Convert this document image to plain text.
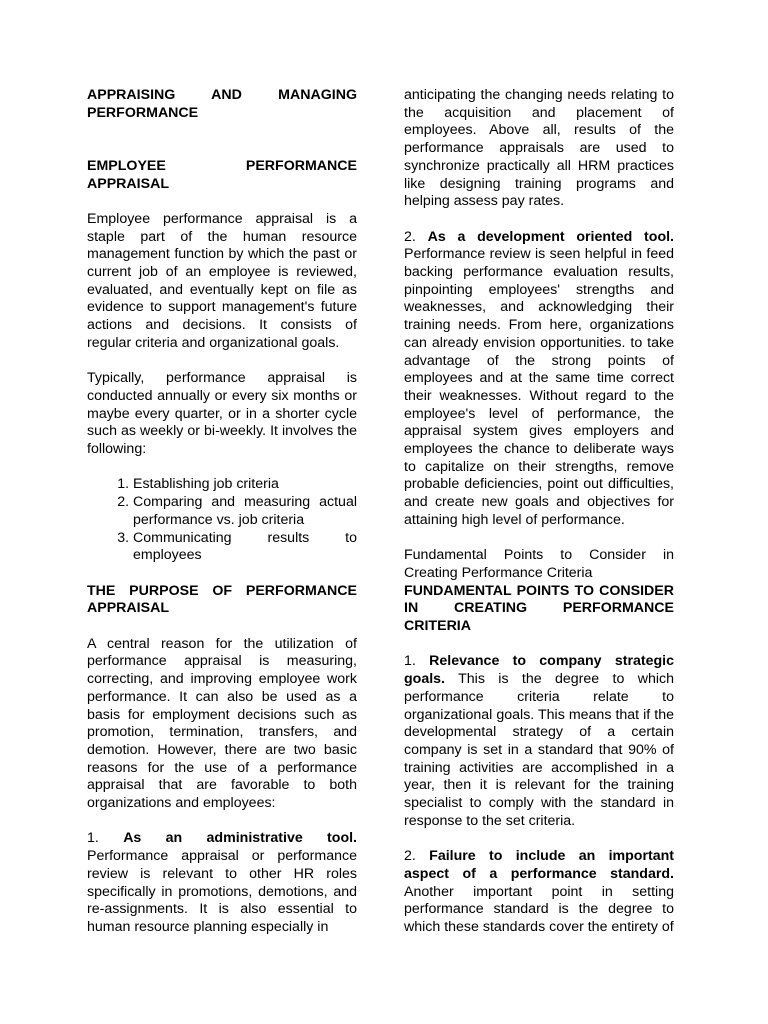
APPRAISING AND MANAGING PERFORMANCE
EMPLOYEE PERFORMANCE APPRAISAL

Employee performance appraisal is a staple part of the human resource management function by which the past or current job of an employee is reviewed, evaluated, and eventually kept on file as evidence to support management's future actions and decisions. It consists of regular criteria and organizational goals.

Typically, performance appraisal is conducted annually or every six months or maybe every quarter, or in a shorter cycle such as weekly or bi-weekly. It involves the following:

1. Establishing job criteria
2. Comparing and measuring actual performance vs. job criteria
3. Communicating results to employees
THE PURPOSE OF PERFORMANCE APPRAISAL

A central reason for the utilization of performance appraisal is measuring, correcting, and improving employee work performance. It can also be used as a basis for employment decisions such as promotion, termination, transfers, and demotion. However, there are two basic reasons for the use of a performance appraisal that are favorable to both organizations and employees:

1. As an administrative tool. Performance appraisal or performance review is relevant to other HR roles specifically in promotions, demotions, and re-assignments. It is also essential to human resource planning especially in

anticipating the changing needs relating to the acquisition and placement of employees. Above all, results of the performance appraisals are used to synchronize practically all HRM practices like designing training programs and helping assess pay rates.

2. As a development oriented tool. Performance review is seen helpful in feed backing performance evaluation results, pinpointing employees' strengths and weaknesses, and acknowledging their training needs. From here, organizations can already envision opportunities. to take advantage of the strong points of employees and at the same time correct their weaknesses. Without regard to the employee's level of performance, the appraisal system gives employers and employees the chance to deliberate ways to capitalize on their strengths, remove probable deficiencies, point out difficulties, and create new goals and objectives for attaining high level of performance.

Fundamental Points to Consider in Creating Performance Criteria

FUNDAMENTAL POINTS TO CONSIDER IN CREATING PERFORMANCE CRITERIA

1. Relevance to company strategic goals. This is the degree to which performance criteria relate to organizational goals. This means that if the developmental strategy of a certain company is set in a standard that 90% of training activities are accomplished in a year, then it is relevant for the training specialist to comply with the standard in response to the set criteria.

2. Failure to include an important aspect of a performance standard. Another important point in setting performance standard is the degree to which these standards cover the entirety of
